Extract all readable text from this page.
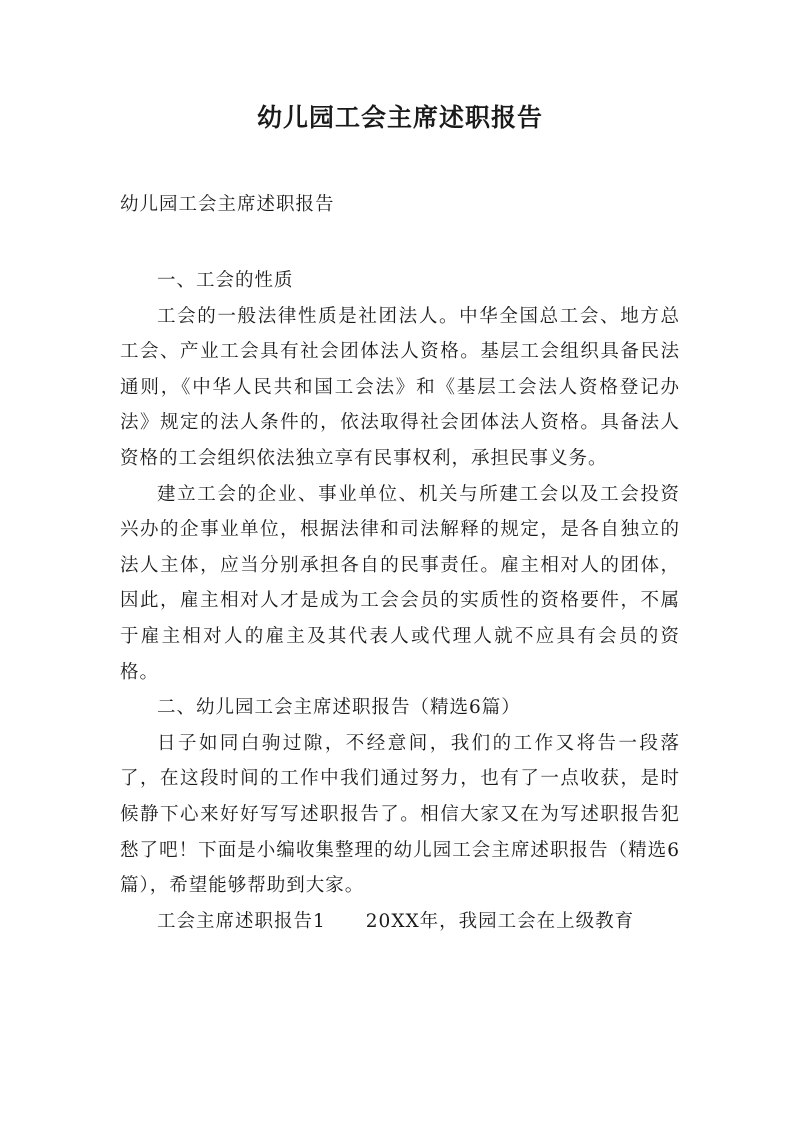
幼儿园工会主席述职报告
幼儿园工会主席述职报告
一、工会的性质

工会的一般法律性质是社团法人。中华全国总工会、地方总工会、产业工会具有社会团体法人资格。基层工会组织具备民法通则，《中华人民共和国工会法》和《基层工会法人资格登记办法》规定的法人条件的，依法取得社会团体法人资格。具备法人资格的工会组织依法独立享有民事权利，承担民事义务。

建立工会的企业、事业单位、机关与所建工会以及工会投资兴办的企事业单位，根据法律和司法解释的规定，是各自独立的法人主体，应当分别承担各自的民事责任。雇主相对人的团体，因此，雇主相对人才是成为工会会员的实质性的资格要件，不属于雇主相对人的雇主及其代表人或代理人就不应具有会员的资格。

二、幼儿园工会主席述职报告（精选6篇）

日子如同白驹过隙，不经意间，我们的工作又将告一段落了，在这段时间的工作中我们通过努力，也有了一点收获，是时候静下心来好好写写述职报告了。相信大家又在为写述职报告犯愁了吧！下面是小编收集整理的幼儿园工会主席述职报告（精选6篇），希望能够帮助到大家。

工会主席述职报告1 20XX年，我园工会在上级教育
